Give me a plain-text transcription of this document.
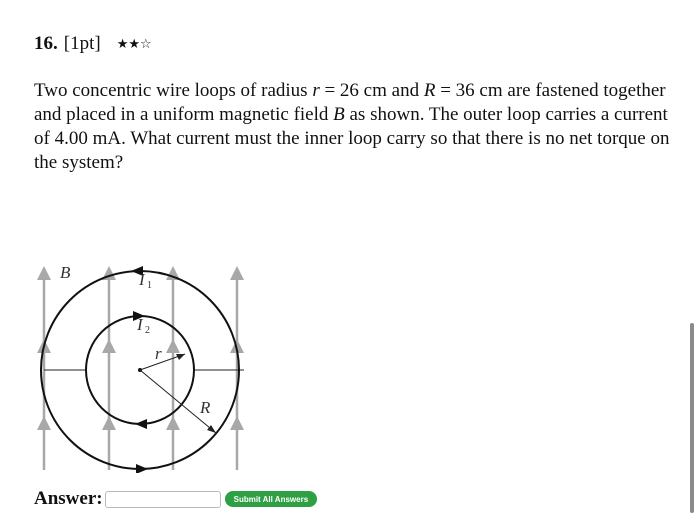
16. [1pt] ★★☆

Two concentric wire loops of radius r = 26 cm and R = 36 cm are fastened together and placed in a uniform magnetic field B as shown. The outer loop carries a current of 4.00 mA. What current must the inner loop carry so that there is no net torque on the system?

B	I 1
I 2
r
R
Answer:	Submit All Answers
